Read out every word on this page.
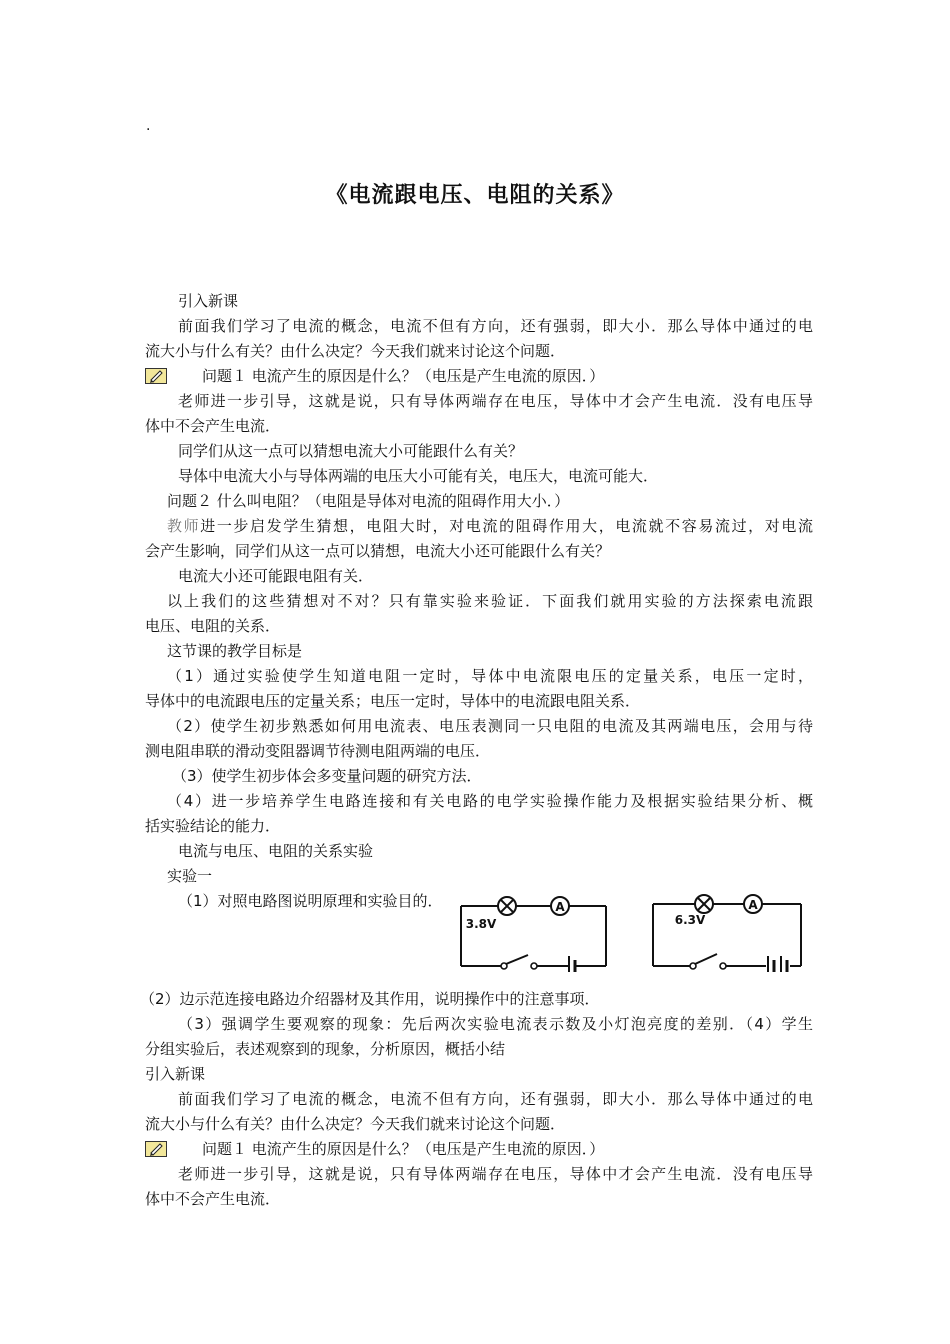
.
《电流跟电压、电阻的关系》
引入新课
前面我们学习了电流的概念，电流不但有方向，还有强弱，即大小．那么导体中通过的电
流大小与什么有关？由什么决定？今天我们就来讨论这个问题．
问题１ 电流产生的原因是什么？（电压是产生电流的原因．）
老师进一步引导，这就是说，只有导体两端存在电压，导体中才会产生电流．没有电压导
体中不会产生电流．
同学们从这一点可以猜想电流大小可能跟什么有关？
导体中电流大小与导体两端的电压大小可能有关，电压大，电流可能大．
问题２ 什么叫电阻？（电阻是导体对电流的阻碍作用大小．）
教师进一步启发学生猜想，电阻大时，对电流的阻碍作用大，电流就不容易流过，对电流
会产生影响，同学们从这一点可以猜想，电流大小还可能跟什么有关？
电流大小还可能跟电阻有关．
以上我们的这些猜想对不对？只有靠实验来验证．下面我们就用实验的方法探索电流跟
电压、电阻的关系．
这节课的教学目标是
（1）通过实验使学生知道电阻一定时，导体中电流限电压的定量关系，电压一定时，
导体中的电流跟电压的定量关系；电压一定时，导体中的电流跟电阻关系．
（2）使学生初步熟悉如何用电流表、电压表测同一只电阻的电流及其两端电压，会用与待
测电阻串联的滑动变阻器调节待测电阻两端的电压．
（3）使学生初步体会多变量问题的研究方法．
（4）进一步培养学生电路连接和有关电路的电学实验操作能力及根据实验结果分析、概
括实验结论的能力．
电流与电压、电阻的关系实验
实验一
（1）对照电路图说明原理和实验目的．	A
3.8V
A
6.3V
（2）边示范连接电路边介绍器材及其作用，说明操作中的注意事项．
（3）强调学生要观察的现象：先后两次实验电流表示数及小灯泡亮度的差别．（4）学生
分组实验后，表述观察到的现象，分析原因，概括小结
引入新课
前面我们学习了电流的概念，电流不但有方向，还有强弱，即大小．那么导体中通过的电
流大小与什么有关？由什么决定？今天我们就来讨论这个问题．
问题１ 电流产生的原因是什么？（电压是产生电流的原因．）
老师进一步引导，这就是说，只有导体两端存在电压，导体中才会产生电流．没有电压导
体中不会产生电流．
